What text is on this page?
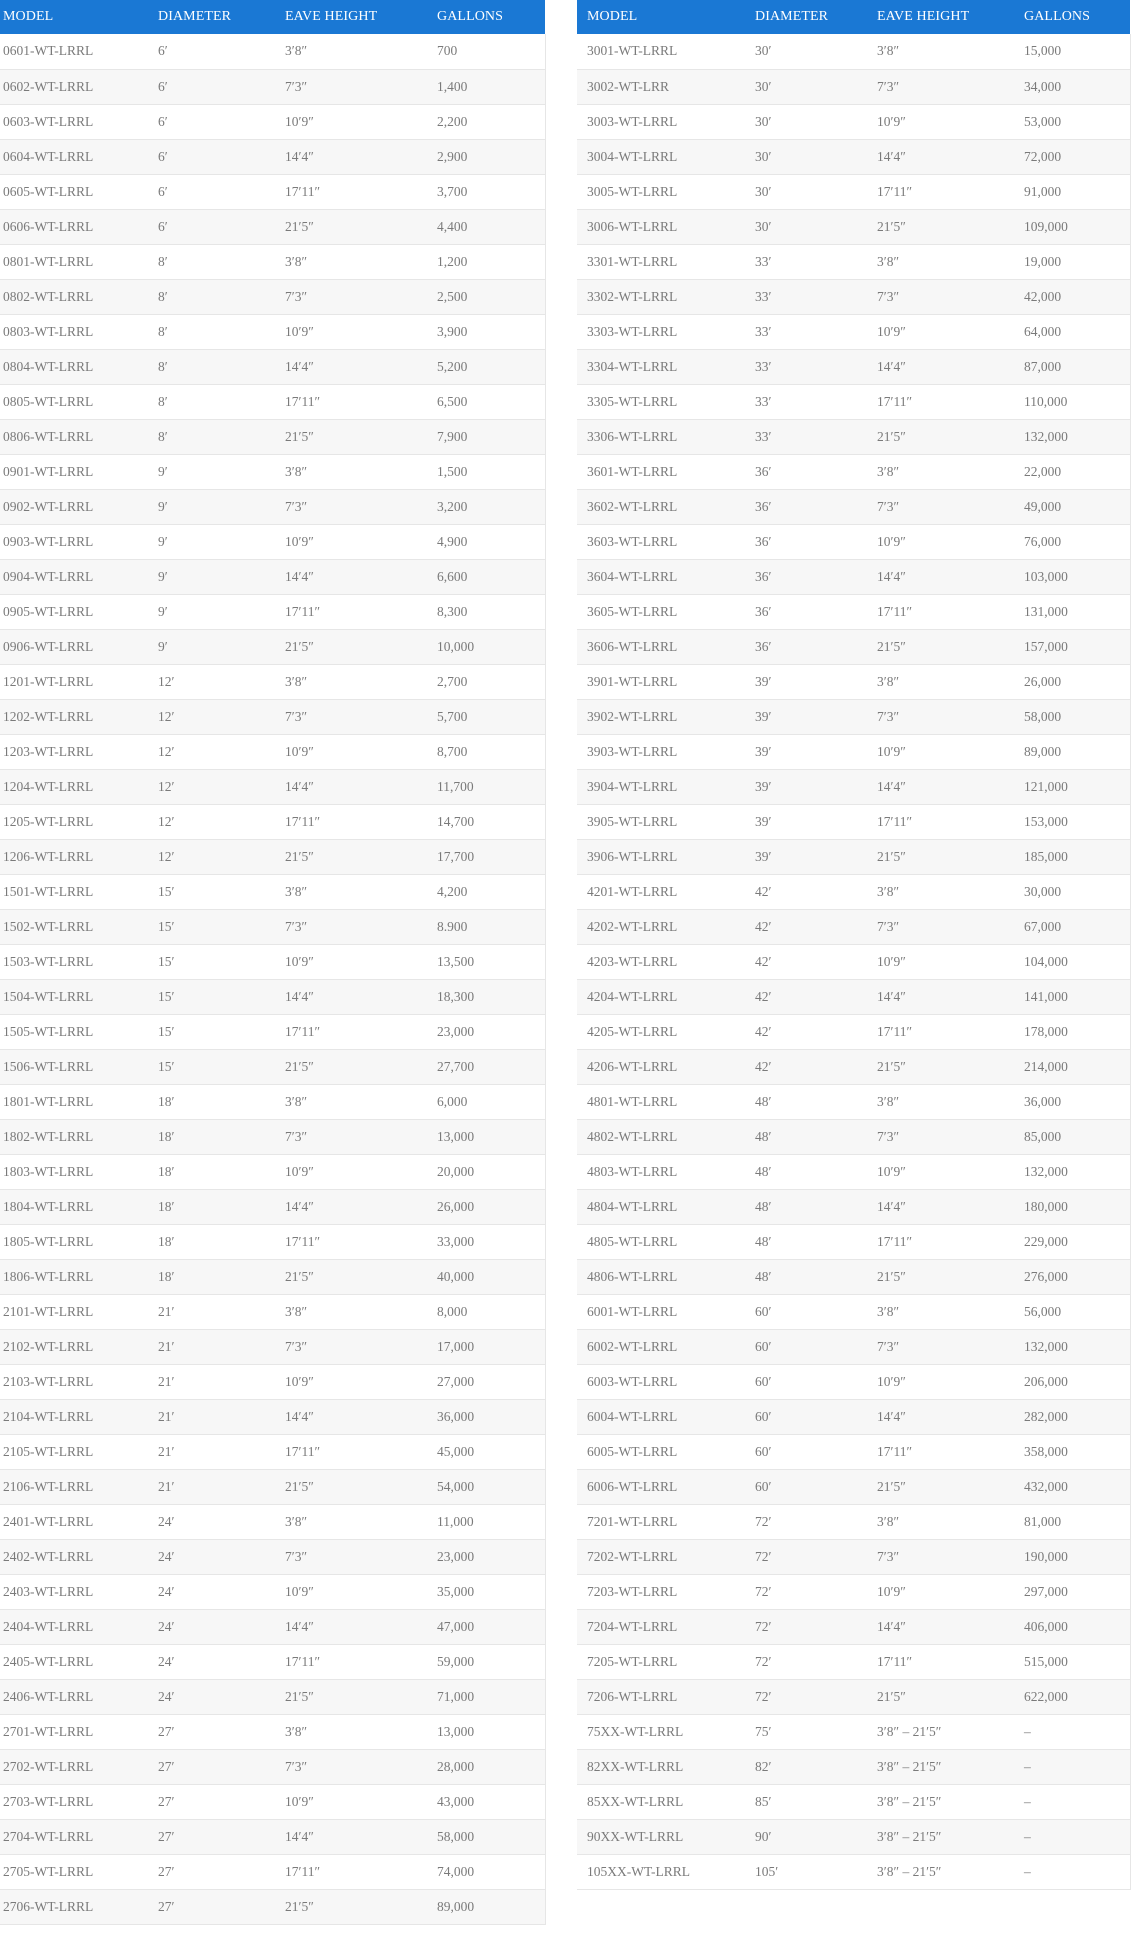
MODEL	DIAMETER	EAVE HEIGHT	GALLONS
0601-WT-LRRL	6′	3′8″	700
0602-WT-LRRL	6′	7′3″	1,400
0603-WT-LRRL	6′	10′9″	2,200
0604-WT-LRRL	6′	14′4″	2,900
0605-WT-LRRL	6′	17′11″	3,700
0606-WT-LRRL	6′	21′5″	4,400
0801-WT-LRRL	8′	3′8″	1,200
0802-WT-LRRL	8′	7′3″	2,500
0803-WT-LRRL	8′	10′9″	3,900
0804-WT-LRRL	8′	14′4″	5,200
0805-WT-LRRL	8′	17′11″	6,500
0806-WT-LRRL	8′	21′5″	7,900
0901-WT-LRRL	9′	3′8″	1,500
0902-WT-LRRL	9′	7′3″	3,200
0903-WT-LRRL	9′	10′9″	4,900
0904-WT-LRRL	9′	14′4″	6,600
0905-WT-LRRL	9′	17′11″	8,300
0906-WT-LRRL	9′	21′5″	10,000
1201-WT-LRRL	12′	3′8″	2,700
1202-WT-LRRL	12′	7′3″	5,700
1203-WT-LRRL	12′	10′9″	8,700
1204-WT-LRRL	12′	14′4″	11,700
1205-WT-LRRL	12′	17′11″	14,700
1206-WT-LRRL	12′	21′5″	17,700
1501-WT-LRRL	15′	3′8″	4,200
1502-WT-LRRL	15′	7′3″	8.900
1503-WT-LRRL	15′	10′9″	13,500
1504-WT-LRRL	15′	14′4″	18,300
1505-WT-LRRL	15′	17′11″	23,000
1506-WT-LRRL	15′	21′5″	27,700
1801-WT-LRRL	18′	3′8″	6,000
1802-WT-LRRL	18′	7′3″	13,000
1803-WT-LRRL	18′	10′9″	20,000
1804-WT-LRRL	18′	14′4″	26,000
1805-WT-LRRL	18′	17′11″	33,000
1806-WT-LRRL	18′	21′5″	40,000
2101-WT-LRRL	21′	3′8″	8,000
2102-WT-LRRL	21′	7′3″	17,000
2103-WT-LRRL	21′	10′9″	27,000
2104-WT-LRRL	21′	14′4″	36,000
2105-WT-LRRL	21′	17′11″	45,000
2106-WT-LRRL	21′	21′5″	54,000
2401-WT-LRRL	24′	3′8″	11,000
2402-WT-LRRL	24′	7′3″	23,000
2403-WT-LRRL	24′	10′9″	35,000
2404-WT-LRRL	24′	14′4″	47,000
2405-WT-LRRL	24′	17′11″	59,000
2406-WT-LRRL	24′	21′5″	71,000
2701-WT-LRRL	27′	3′8″	13,000
2702-WT-LRRL	27′	7′3″	28,000
2703-WT-LRRL	27′	10′9″	43,000
2704-WT-LRRL	27′	14′4″	58,000
2705-WT-LRRL	27′	17′11″	74,000
2706-WT-LRRL	27′	21′5″	89,000
MODEL	DIAMETER	EAVE HEIGHT	GALLONS
3001-WT-LRRL	30′	3′8″	15,000
3002-WT-LRR	30′	7′3″	34,000
3003-WT-LRRL	30′	10′9″	53,000
3004-WT-LRRL	30′	14′4″	72,000
3005-WT-LRRL	30′	17′11″	91,000
3006-WT-LRRL	30′	21′5″	109,000
3301-WT-LRRL	33′	3′8″	19,000
3302-WT-LRRL	33′	7′3″	42,000
3303-WT-LRRL	33′	10′9″	64,000
3304-WT-LRRL	33′	14′4″	87,000
3305-WT-LRRL	33′	17′11″	110,000
3306-WT-LRRL	33′	21′5″	132,000
3601-WT-LRRL	36′	3′8″	22,000
3602-WT-LRRL	36′	7′3″	49,000
3603-WT-LRRL	36′	10′9″	76,000
3604-WT-LRRL	36′	14′4″	103,000
3605-WT-LRRL	36′	17′11″	131,000
3606-WT-LRRL	36′	21′5″	157,000
3901-WT-LRRL	39′	3′8″	26,000
3902-WT-LRRL	39′	7′3″	58,000
3903-WT-LRRL	39′	10′9″	89,000
3904-WT-LRRL	39′	14′4″	121,000
3905-WT-LRRL	39′	17′11″	153,000
3906-WT-LRRL	39′	21′5″	185,000
4201-WT-LRRL	42′	3′8″	30,000
4202-WT-LRRL	42′	7′3″	67,000
4203-WT-LRRL	42′	10′9″	104,000
4204-WT-LRRL	42′	14′4″	141,000
4205-WT-LRRL	42′	17′11″	178,000
4206-WT-LRRL	42′	21′5″	214,000
4801-WT-LRRL	48′	3′8″	36,000
4802-WT-LRRL	48′	7′3″	85,000
4803-WT-LRRL	48′	10′9″	132,000
4804-WT-LRRL	48′	14′4″	180,000
4805-WT-LRRL	48′	17′11″	229,000
4806-WT-LRRL	48′	21′5″	276,000
6001-WT-LRRL	60′	3′8″	56,000
6002-WT-LRRL	60′	7′3″	132,000
6003-WT-LRRL	60′	10′9″	206,000
6004-WT-LRRL	60′	14′4″	282,000
6005-WT-LRRL	60′	17′11″	358,000
6006-WT-LRRL	60′	21′5″	432,000
7201-WT-LRRL	72′	3′8″	81,000
7202-WT-LRRL	72′	7′3″	190,000
7203-WT-LRRL	72′	10′9″	297,000
7204-WT-LRRL	72′	14′4″	406,000
7205-WT-LRRL	72′	17′11″	515,000
7206-WT-LRRL	72′	21′5″	622,000
75XX-WT-LRRL	75′	3′8″ – 21′5″	–
82XX-WT-LRRL	82′	3′8″ – 21′5″	–
85XX-WT-LRRL	85′	3′8″ – 21′5″	–
90XX-WT-LRRL	90′	3′8″ – 21′5″	–
105XX-WT-LRRL	105′	3′8″ – 21′5″	–
